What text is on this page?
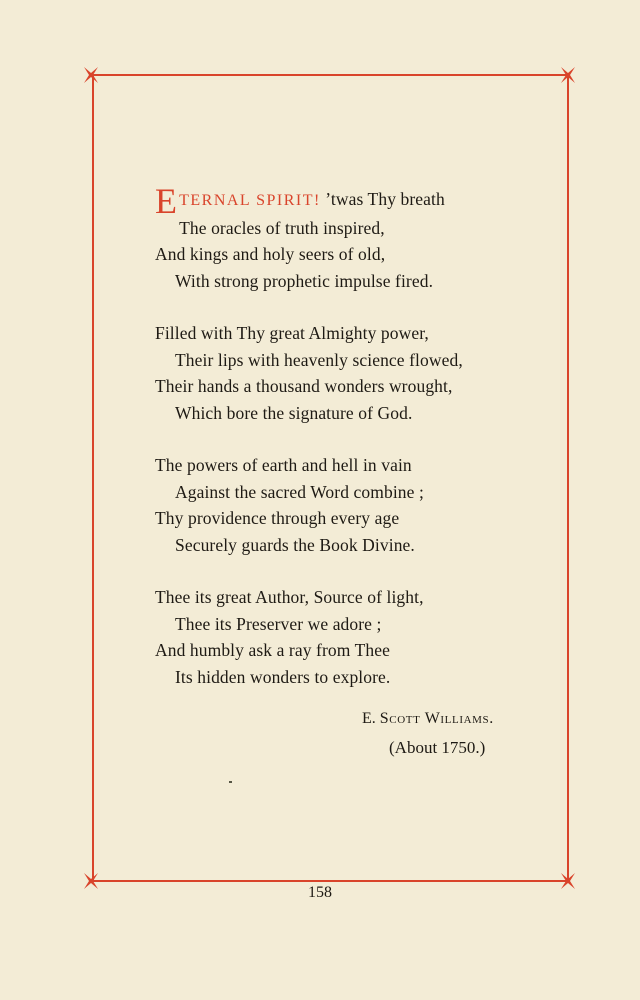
ETERNAL SPIRIT! ’twas Thy breath
The oracles of truth inspired,
And kings and holy seers of old,
With strong prophetic impulse fired.
Filled with Thy great Almighty power,
Their lips with heavenly science flowed,
Their hands a thousand wonders wrought,
Which bore the signature of God.
The powers of earth and hell in vain
Against the sacred Word combine ;
Thy providence through every age
Securely guards the Book Divine.
Thee its great Author, Source of light,
Thee its Preserver we adore ;
And humbly ask a ray from Thee
Its hidden wonders to explore.
E. Scott Williams.
(About 1750.)
158
